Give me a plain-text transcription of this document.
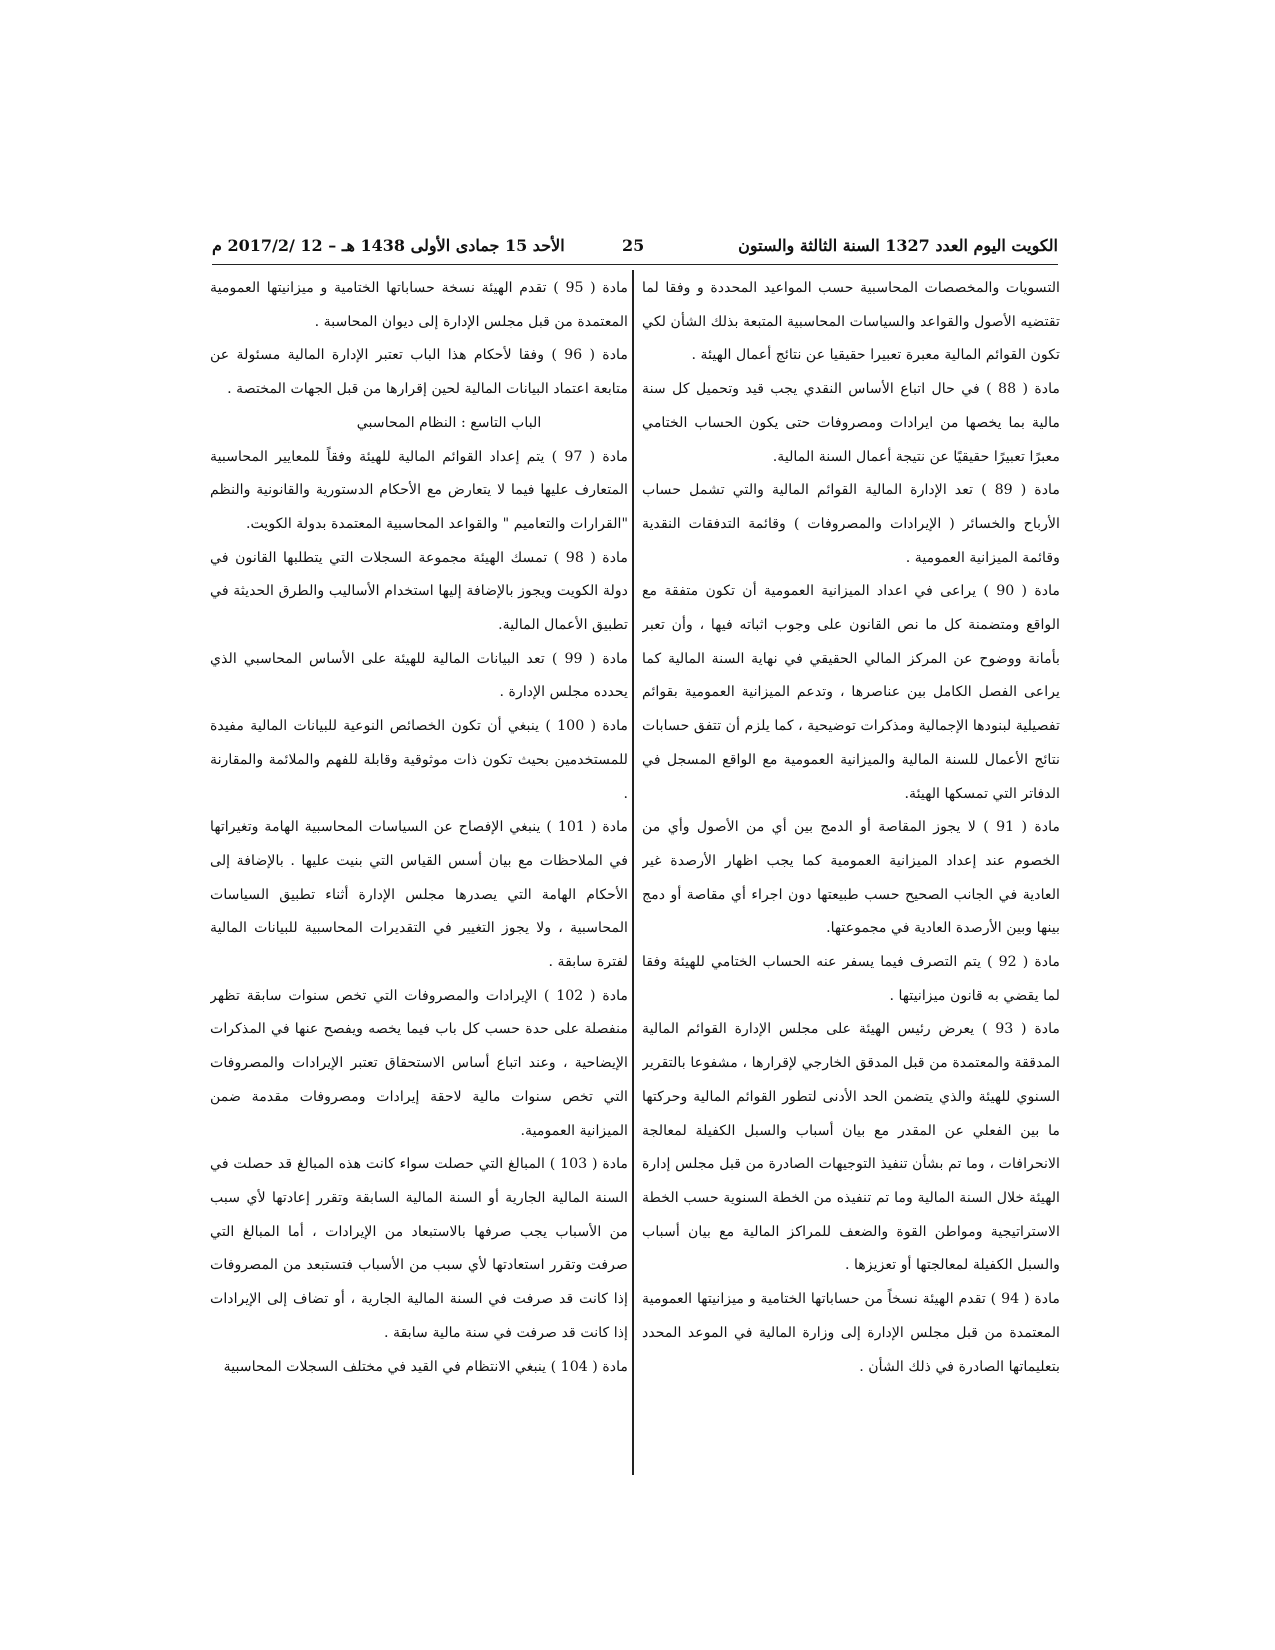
الكويت اليوم العدد 1327 السنة الثالثة والستون
25
الأحد 15 جمادى الأولى 1438 هـ – 12 /2017/2 م

التسويات والمخصصات المحاسبية حسب المواعيد المحددة و وفقا لما تقتضيه الأصول والقواعد والسياسات المحاسبية المتبعة بذلك الشأن لكي تكون القوائم المالية معبرة تعبيرا حقيقيا عن نتائج أعمال الهيئة .

مادة ( 88 ) في حال اتباع الأساس النقدي يجب قيد وتحميل كل سنة مالية بما يخصها من ايرادات ومصروفات حتى يكون الحساب الختامي معبرًا تعبيرًا حقيقيًا عن نتيجة أعمال السنة المالية.

مادة ( 89 ) تعد الإدارة المالية القوائم المالية والتي تشمل حساب الأرباح والخسائر ( الإيرادات والمصروفات ) وقائمة التدفقات النقدية وقائمة الميزانية العمومية .

مادة ( 90 ) يراعى في اعداد الميزانية العمومية أن تكون متفقة مع الواقع ومتضمنة كل ما نص القانون على وجوب اثباته فيها ، وأن تعبر بأمانة ووضوح عن المركز المالي الحقيقي في نهاية السنة المالية كما يراعى الفصل الكامل بين عناصرها ، وتدعم الميزانية العمومية بقوائم تفصيلية لبنودها الإجمالية ومذكرات توضيحية ، كما يلزم أن تتفق حسابات نتائج الأعمال للسنة المالية والميزانية العمومية مع الواقع المسجل في الدفاتر التي تمسكها الهيئة.

مادة ( 91 ) لا يجوز المقاصة أو الدمج بين أي من الأصول وأي من الخصوم عند إعداد الميزانية العمومية كما يجب اظهار الأرصدة غير العادية في الجانب الصحيح حسب طبيعتها دون اجراء أي مقاصة أو دمج بينها وبين الأرصدة العادية في مجموعتها.

مادة ( 92 ) يتم التصرف فيما يسفر عنه الحساب الختامي للهيئة وفقا لما يقضي به قانون ميزانيتها .

مادة ( 93 ) يعرض رئيس الهيئة على مجلس الإدارة القوائم المالية المدققة والمعتمدة من قبل المدقق الخارجي لإقرارها ، مشفوعا بالتقرير السنوي للهيئة والذي يتضمن الحد الأدنى لتطور القوائم المالية وحركتها ما بين الفعلي عن المقدر مع بيان أسباب والسبل الكفيلة لمعالجة الانحرافات ، وما تم بشأن تنفيذ التوجيهات الصادرة من قبل مجلس إدارة الهيئة خلال السنة المالية وما تم تنفيذه من الخطة السنوية حسب الخطة الاستراتيجية ومواطن القوة والضعف للمراكز المالية مع بيان أسباب والسبل الكفيلة لمعالجتها أو تعزيزها .

مادة ( 94 ) تقدم الهيئة نسخاً من حساباتها الختامية و ميزانيتها العمومية المعتمدة من قبل مجلس الإدارة إلى وزارة المالية في الموعد المحدد بتعليماتها الصادرة في ذلك الشأن .

مادة ( 95 ) تقدم الهيئة نسخة حساباتها الختامية و ميزانيتها العمومية المعتمدة من قبل مجلس الإدارة إلى ديوان المحاسبة .

مادة ( 96 ) وفقا لأحكام هذا الباب تعتبر الإدارة المالية مسئولة عن متابعة اعتماد البيانات المالية لحين إقرارها من قبل الجهات المختصة .

الباب التاسع : النظام المحاسبي

مادة ( 97 ) يتم إعداد القوائم المالية للهيئة وفقاً للمعايير المحاسبية المتعارف عليها فيما لا يتعارض مع الأحكام الدستورية والقانونية والنظم "القرارات والتعاميم " والقواعد المحاسبية المعتمدة بدولة الكويت.

مادة ( 98 ) تمسك الهيئة مجموعة السجلات التي يتطلبها القانون في دولة الكويت ويجوز بالإضافة إليها استخدام الأساليب والطرق الحديثة في تطبيق الأعمال المالية.

مادة ( 99 ) تعد البيانات المالية للهيئة على الأساس المحاسبي الذي يحدده مجلس الإدارة .

مادة ( 100 ) ينبغي أن تكون الخصائص النوعية للبيانات المالية مفيدة للمستخدمين بحيث تكون ذات موثوقية وقابلة للفهم والملائمة والمقارنة .

مادة ( 101 ) ينبغي الإفصاح عن السياسات المحاسبية الهامة وتغيراتها في الملاحظات مع بيان أسس القياس التي بنيت عليها . بالإضافة إلى الأحكام الهامة التي يصدرها مجلس الإدارة أثناء تطبيق السياسات المحاسبية ، ولا يجوز التغيير في التقديرات المحاسبية للبيانات المالية لفترة سابقة .

مادة ( 102 ) الإيرادات والمصروفات التي تخص سنوات سابقة تظهر منفصلة على حدة حسب كل باب فيما يخصه ويفصح عنها في المذكرات الإيضاحية ، وعند اتباع أساس الاستحقاق تعتبر الإيرادات والمصروفات التي تخص سنوات مالية لاحقة إيرادات ومصروفات مقدمة ضمن الميزانية العمومية.

مادة ( 103 ) المبالغ التي حصلت سواء كانت هذه المبالغ قد حصلت في السنة المالية الجارية أو السنة المالية السابقة وتقرر إعادتها لأي سبب من الأسباب يجب صرفها بالاستبعاد من الإيرادات ، أما المبالغ التي صرفت وتقرر استعادتها لأي سبب من الأسباب فتستبعد من المصروفات إذا كانت قد صرفت في السنة المالية الجارية ، أو تضاف إلى الإيرادات إذا كانت قد صرفت في سنة مالية سابقة .

مادة ( 104 ) ينبغي الانتظام في القيد في مختلف السجلات المحاسبية
